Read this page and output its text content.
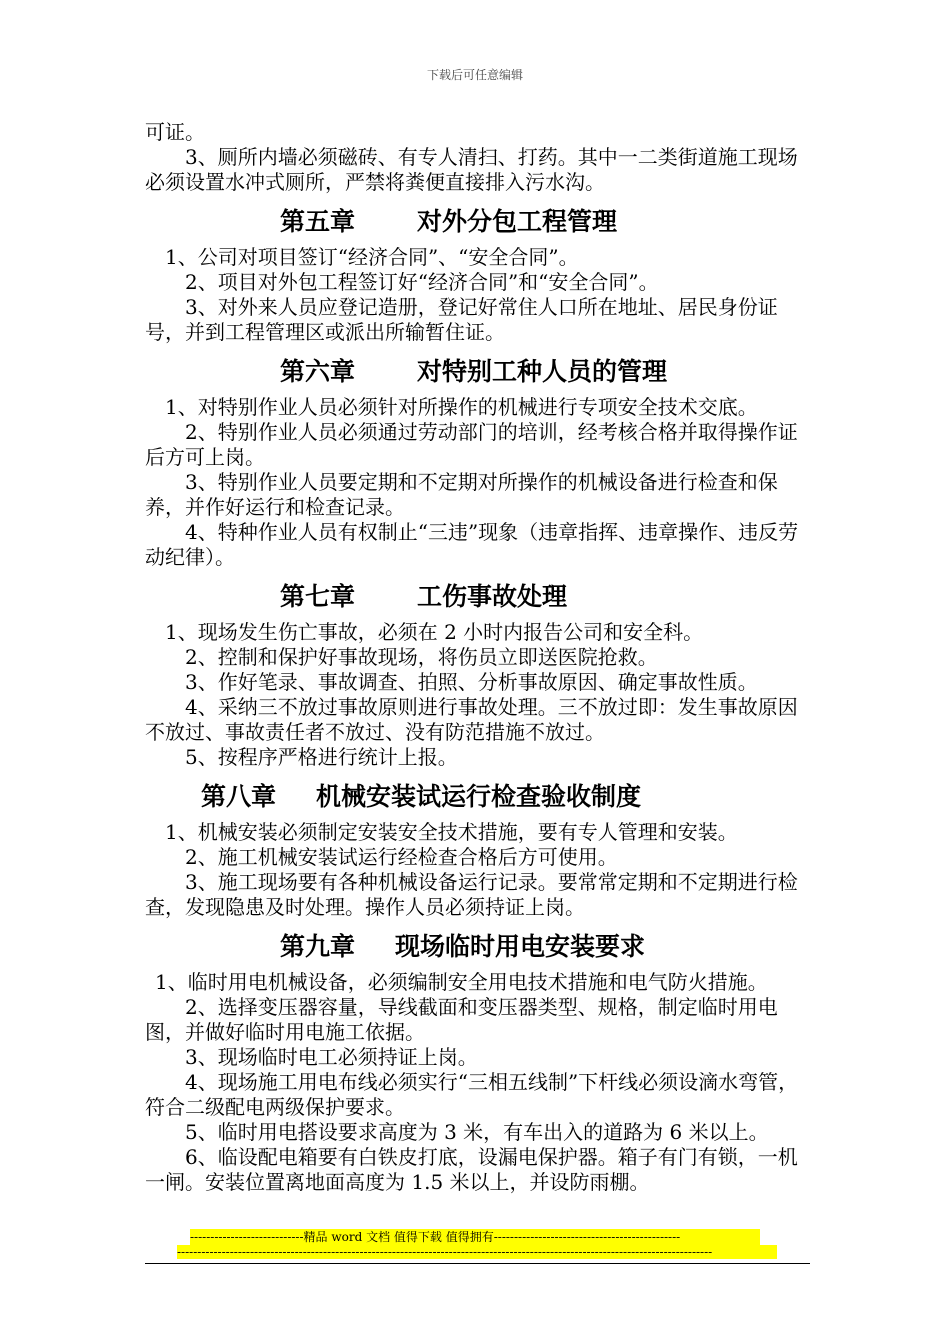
下载后可任意编辑

可证。

3、厕所内墙必须磁砖、有专人清扫、打药。其中一二类街道施工现场必须设置水冲式厕所，严禁将粪便直接排入污水沟。

第五章 对外分包工程管理

1、公司对项目签订“经济合同”、“安全合同”。

2、项目对外包工程签订好“经济合同”和“安全合同”。

3、对外来人员应登记造册，登记好常住人口所在地址、居民身份证号，并到工程管理区或派出所输暂住证。

第六章 对特别工种人员的管理

1、对特别作业人员必须针对所操作的机械进行专项安全技术交底。

2、特别作业人员必须通过劳动部门的培训，经考核合格并取得操作证后方可上岗。

3、特别作业人员要定期和不定期对所操作的机械设备进行检查和保养，并作好运行和检查记录。

4、特种作业人员有权制止“三违”现象（违章指挥、违章操作、违反劳动纪律）。

第七章 工伤事故处理

1、现场发生伤亡事故，必须在 2 小时内报告公司和安全科。

2、控制和保护好事故现场，将伤员立即送医院抢救。

3、作好笔录、事故调查、拍照、分析事故原因、确定事故性质。

4、采纳三不放过事故原则进行事故处理。三不放过即：发生事故原因不放过、事故责任者不放过、没有防范措施不放过。

5、按程序严格进行统计上报。

第八章 机械安装试运行检查验收制度

1、机械安装必须制定安装安全技术措施，要有专人管理和安装。

2、施工机械安装试运行经检查合格后方可使用。

3、施工现场要有各种机械设备运行记录。要常常定期和不定期进行检查，发现隐患及时处理。操作人员必须持证上岗。

第九章 现场临时用电安装要求

1、临时用电机械设备，必须编制安全用电技术措施和电气防火措施。

2、选择变压器容量，导线截面和变压器类型、规格，制定临时用电图，并做好临时用电施工依据。

3、现场临时电工必须持证上岗。

4、现场施工用电布线必须实行“三相五线制”下杆线必须设滴水弯管，符合二级配电两级保护要求。

5、临时用电搭设要求高度为 3 米，有车出入的道路为 6 米以上。

6、临设配电箱要有白铁皮打底，设漏电保护器。箱子有门有锁，一机一闸。安装位置离地面高度为 1.5 米以上，并设防雨棚。

----------------------------精品 word 文档 值得下载 值得拥有----------------------------------------------
------------------------------------------------------------------------------------------------------------------------------------
